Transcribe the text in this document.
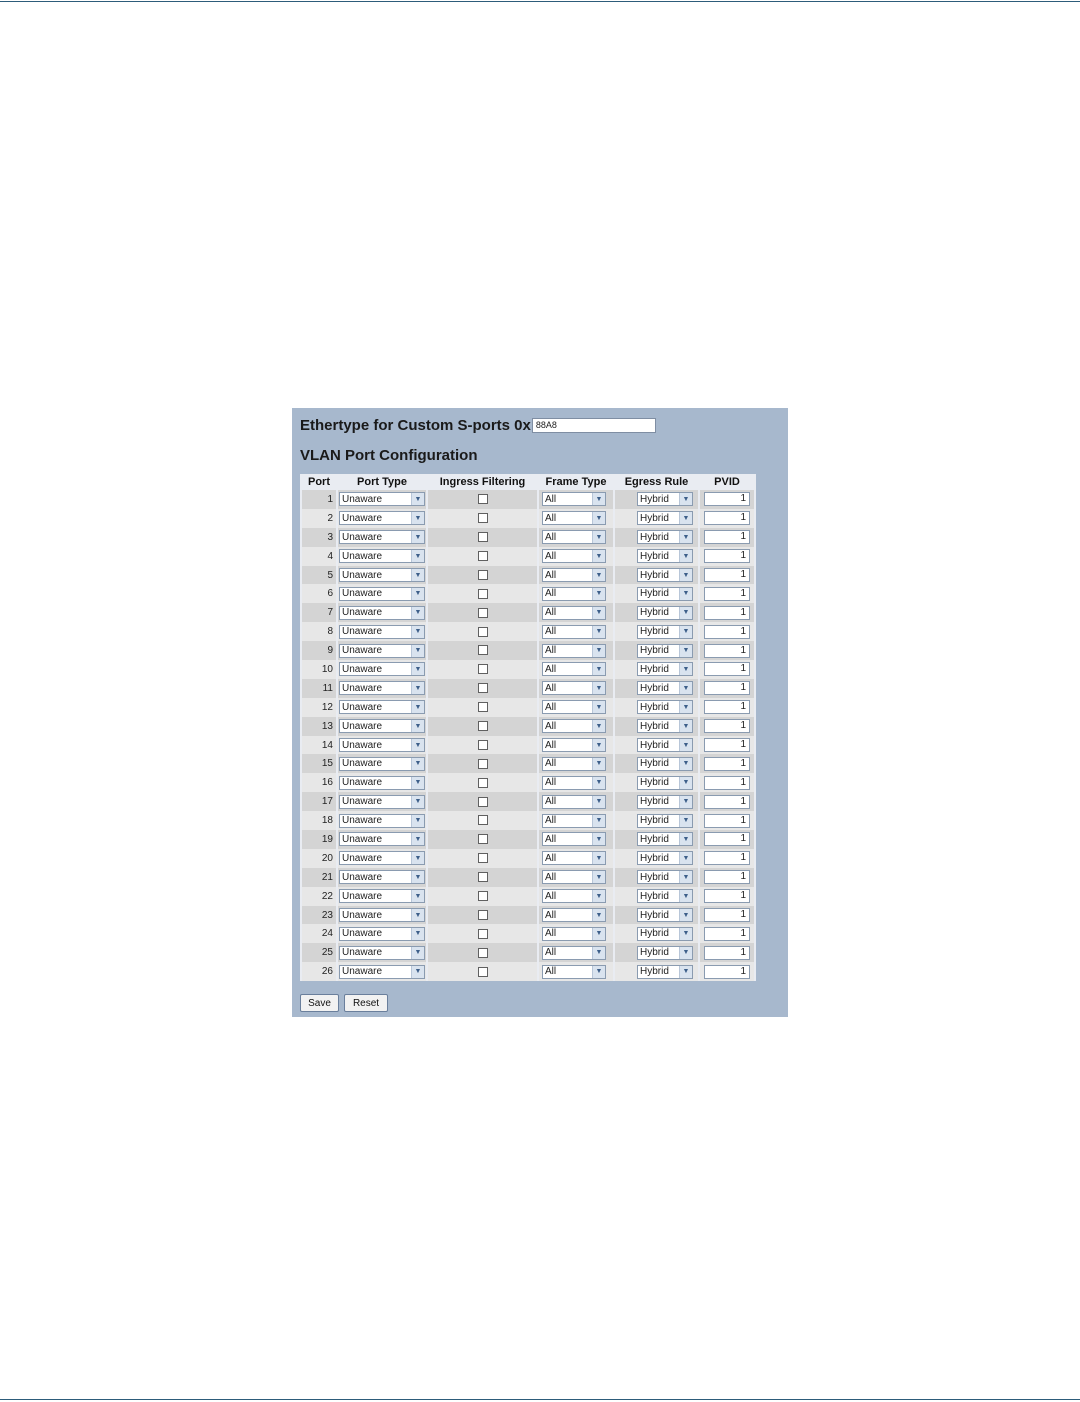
Ethertype for Custom S-ports 0x 88A8
VLAN Port Configuration
Port	Port Type	Ingress Filtering	Frame Type	Egress Rule	PVID
1	Unaware ▼		All ▼	Hybrid ▼	1

2	Unaware ▼		All ▼	Hybrid ▼	1

3	Unaware ▼		All ▼	Hybrid ▼	1

4	Unaware ▼		All ▼	Hybrid ▼	1

5	Unaware ▼		All ▼	Hybrid ▼	1

6	Unaware ▼		All ▼	Hybrid ▼	1

7	Unaware ▼		All ▼	Hybrid ▼	1

8	Unaware ▼		All ▼	Hybrid ▼	1

9	Unaware ▼		All ▼	Hybrid ▼	1

10	Unaware ▼		All ▼	Hybrid ▼	1

11	Unaware ▼		All ▼	Hybrid ▼	1

12	Unaware ▼		All ▼	Hybrid ▼	1

13	Unaware ▼		All ▼	Hybrid ▼	1

14	Unaware ▼		All ▼	Hybrid ▼	1

15	Unaware ▼		All ▼	Hybrid ▼	1

16	Unaware ▼		All ▼	Hybrid ▼	1

17	Unaware ▼		All ▼	Hybrid ▼	1

18	Unaware ▼		All ▼	Hybrid ▼	1

19	Unaware ▼		All ▼	Hybrid ▼	1

20	Unaware ▼		All ▼	Hybrid ▼	1

21	Unaware ▼		All ▼	Hybrid ▼	1

22	Unaware ▼		All ▼	Hybrid ▼	1

23	Unaware ▼		All ▼	Hybrid ▼	1

24	Unaware ▼		All ▼	Hybrid ▼	1

25	Unaware ▼		All ▼	Hybrid ▼	1

26	Unaware ▼		All ▼	Hybrid ▼	1
Save	Reset
